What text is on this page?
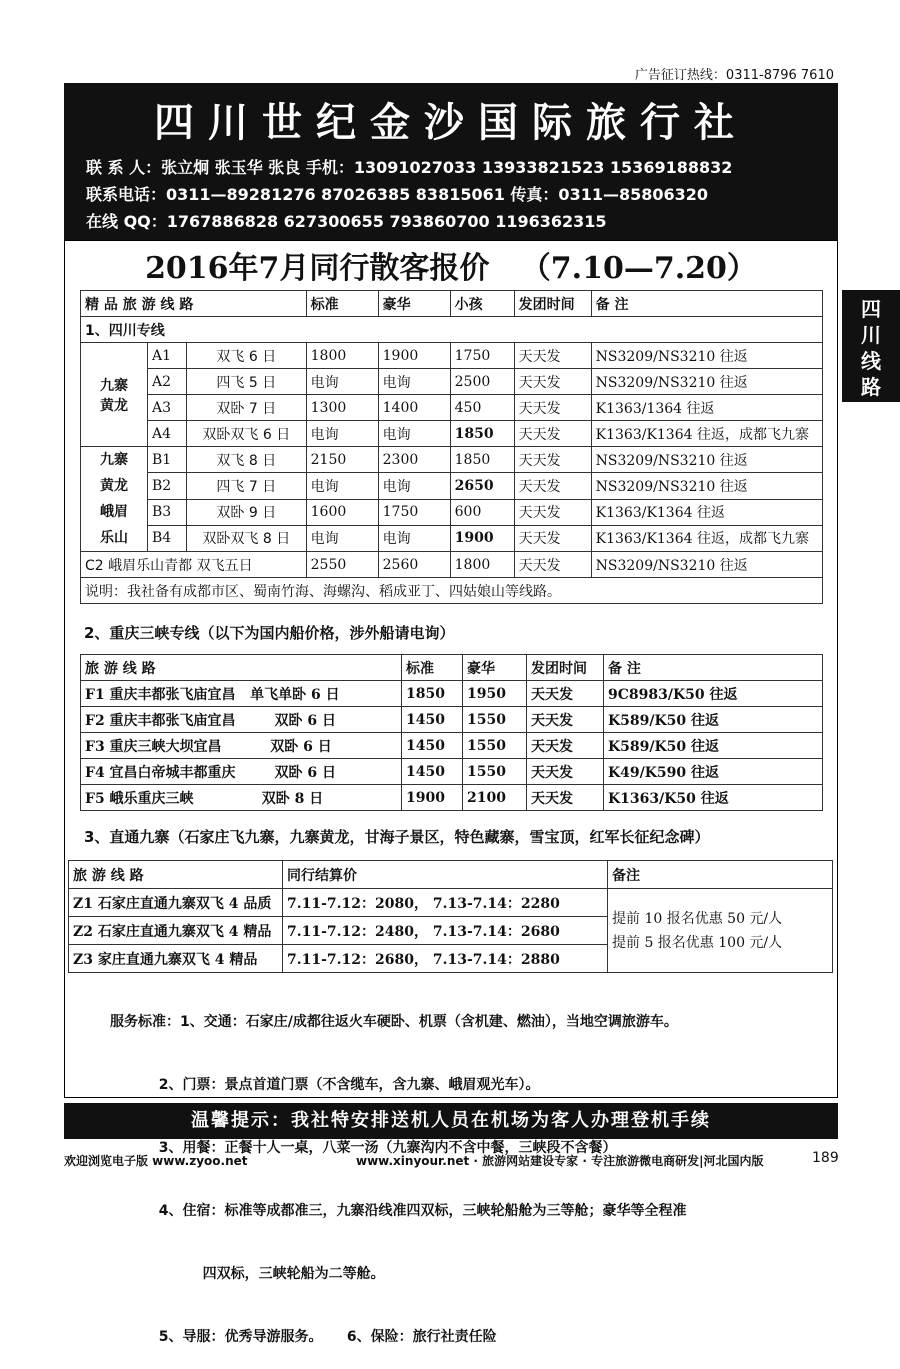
广告征订热线：0311-8796 7610
四川世纪金沙国际旅行社
联 系 人：张立炯 张玉华 张良 手机：13091027033 13933821523 15369188832
联系电话：0311—89281276 87026385 83815061 传真：0311—85806320
在线 QQ：1767886828 627300655 793860700 1196362315
四
川
线
路
2016年7月同行散客报价 （7.10—7.20）
精 品 旅 游 线 路			标准	豪华	小孩	发团时间	备 注
1、四川专线							
九寨
黄龙	A1	双飞 6 日	1800	1900	1750	天天发	NS3209/NS3210 往返
	A2	四飞 5 日	电询	电询	2500	天天发	NS3209/NS3210 往返
	A3	双卧 7 日	1300	1400	450	天天发	K1363/1364 往返
	A4	双卧双飞 6 日	电询	电询	1850	天天发	K1363/K1364 往返，成都飞九寨
九寨
黄龙
峨眉
乐山	B1	双飞 8 日	2150	2300	1850	天天发	NS3209/NS3210 往返
	B2	四飞 7 日	电询	电询	2650	天天发	NS3209/NS3210 往返
	B3	双卧 9 日	1600	1750	600	天天发	K1363/K1364 往返
	B4	双卧双飞 8 日	电询	电询	1900	天天发	K1363/K1364 往返，成都飞九寨
C2 峨眉乐山青都 双飞五日			2550	2560	1800	天天发	NS3209/NS3210 往返
说明：我社备有成都市区、蜀南竹海、海螺沟、稻成亚丁、四姑娘山等线路。							
2、重庆三峡专线（以下为国内船价格，涉外船请电询）
旅 游 线 路	标准	豪华	发团时间	备 注
F1 重庆丰都张飞庙宜昌   单飞单卧 6 日	1850	1950	天天发	9C8983/K50 往返
F2 重庆丰都张飞庙宜昌        双卧 6 日	1450	1550	天天发	K589/K50 往返
F3 重庆三峡大坝宜昌          双卧 6 日	1450	1550	天天发	K589/K50 往返
F4 宜昌白帝城丰都重庆        双卧 6 日	1450	1550	天天发	K49/K590 往返
F5 峨乐重庆三峡              双卧 8 日	1900	2100	天天发	K1363/K50 往返
3、直通九寨（石家庄飞九寨，九寨黄龙，甘海子景区，特色藏寨，雪宝顶，红军长征纪念碑）
旅 游 线 路	同行结算价	备注
Z1 石家庄直通九寨双飞 4 品质	7.11-7.12：2080， 7.13-7.14：2280	提前 10 报名优惠 50 元/人
提前 5 报名优惠 100 元/人

Z2 石家庄直通九寨双飞 4 精品	7.11-7.12：2480， 7.13-7.14：2680	
Z3 家庄直通九寨双飞 4 精品	7.11-7.12：2680， 7.13-7.14：2880	

服务标准：1、交通：石家庄/成都往返火车硬卧、机票（含机建、燃油），当地空调旅游车。

2、门票：景点首道门票（不含缆车，含九寨、峨眉观光车）。

3、用餐：正餐十人一桌，八菜一汤（九寨沟内不含中餐，三峡段不含餐）

4、住宿：标准等成都准三，九寨沿线准四双标，三峡轮船舱为三等舱；豪华等全程准

四双标，三峡轮船为二等舱。

5、导服：优秀导游服务。     6、保险：旅行社责任险

温馨提示：我社特安排送机人员在机场为客人办理登机手续
欢迎浏览电子版 www.zyoo.net	www.xinyour.net · 旅游网站建设专家 · 专注旅游微电商研发|河北国内版	189
